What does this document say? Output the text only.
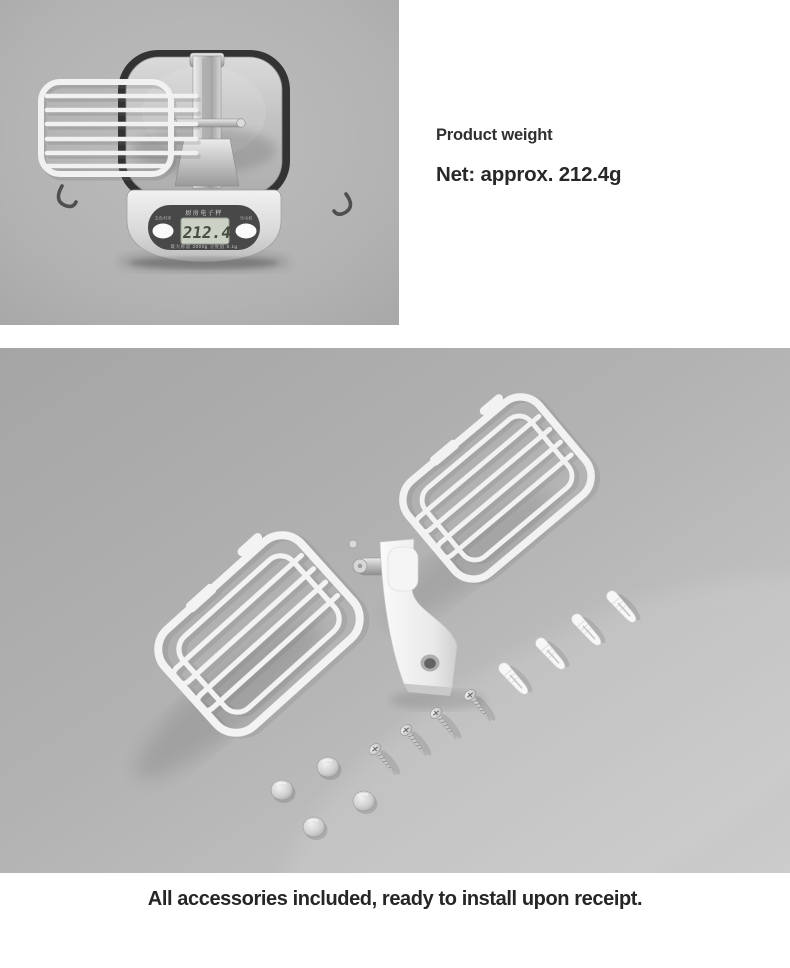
厨房电子秤
212.4
去皮/归零	开/关机
最大称量 3000g 分度值 0.1g
Product weight
Net: approx. 212.4g
All accessories included, ready to install upon receipt.
